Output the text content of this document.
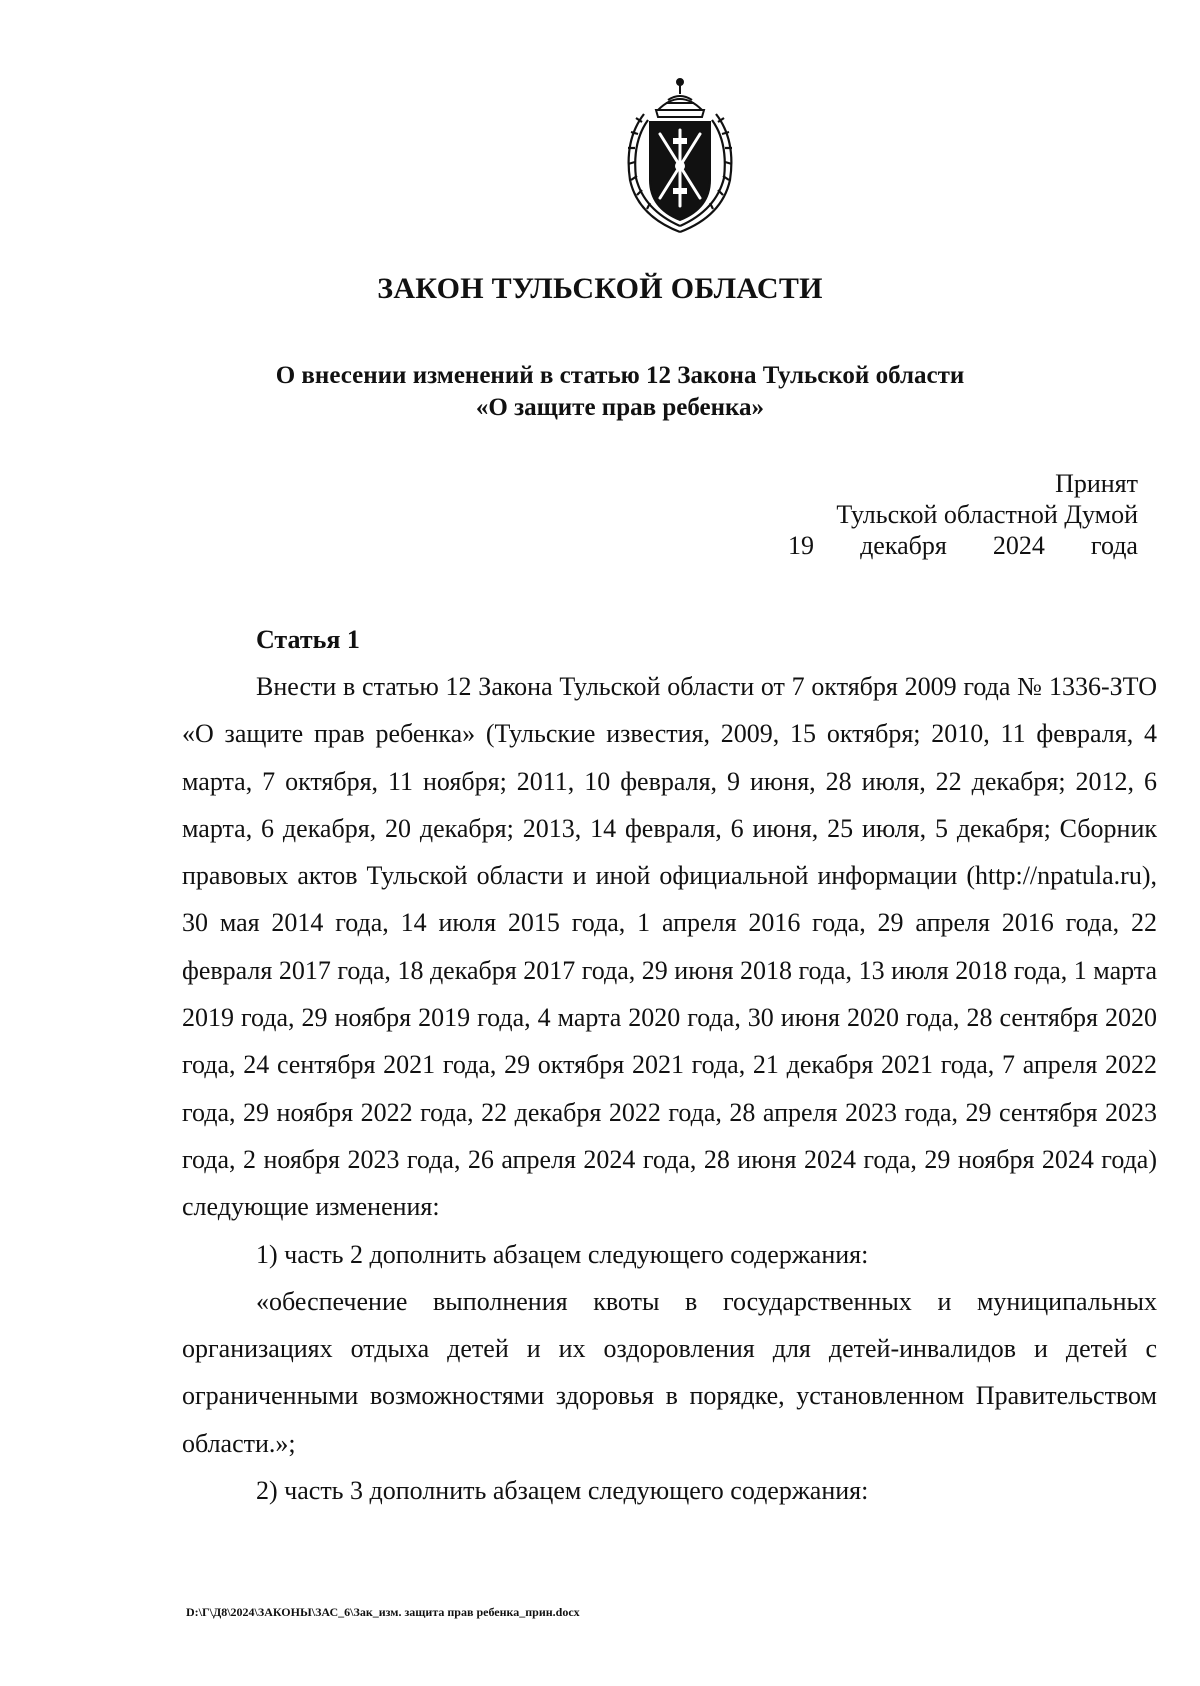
ЗАКОН ТУЛЬСКОЙ ОБЛАСТИ
О внесении изменений в статью 12 Закона Тульской области
«О защите прав ребенка»
Принят
Тульской областной Думой
19 декабря 2024 года
Статья 1

Внести в статью 12 Закона Тульской области от 7 октября 2009 года № 1336-ЗТО «О защите прав ребенка» (Тульские известия, 2009, 15 октября; 2010, 11 февраля, 4 марта, 7 октября, 11 ноября; 2011, 10 февраля, 9 июня, 28 июля, 22 декабря; 2012, 6 марта, 6 декабря, 20 декабря; 2013, 14 февраля, 6 июня, 25 июля, 5 декабря; Сборник правовых актов Тульской области и иной официальной информации (http://npatula.ru), 30 мая 2014 года, 14 июля 2015 года, 1 апреля 2016 года, 29 апреля 2016 года, 22 февраля 2017 года, 18 декабря 2017 года, 29 июня 2018 года, 13 июля 2018 года, 1 марта 2019 года, 29 ноября 2019 года, 4 марта 2020 года, 30 июня 2020 года, 28 сентября 2020 года, 24 сентября 2021 года, 29 октября 2021 года, 21 декабря 2021 года, 7 апреля 2022 года, 29 ноября 2022 года, 22 декабря 2022 года, 28 апреля 2023 года, 29 сентября 2023 года, 2 ноября 2023 года, 26 апреля 2024 года, 28 июня 2024 года, 29 ноября 2024 года) следующие изменения:

1) часть 2 дополнить абзацем следующего содержания:

«обеспечение выполнения квоты в государственных и муниципальных организациях отдыха детей и их оздоровления для детей-инвалидов и детей с ограниченными возможностями здоровья в порядке, установленном Правительством области.»;

2) часть 3 дополнить абзацем следующего содержания:

D:\Г\Д8\2024\ЗАКОНЫ\ЗАС_6\Зак_изм. защита прав ребенка_прин.docx
